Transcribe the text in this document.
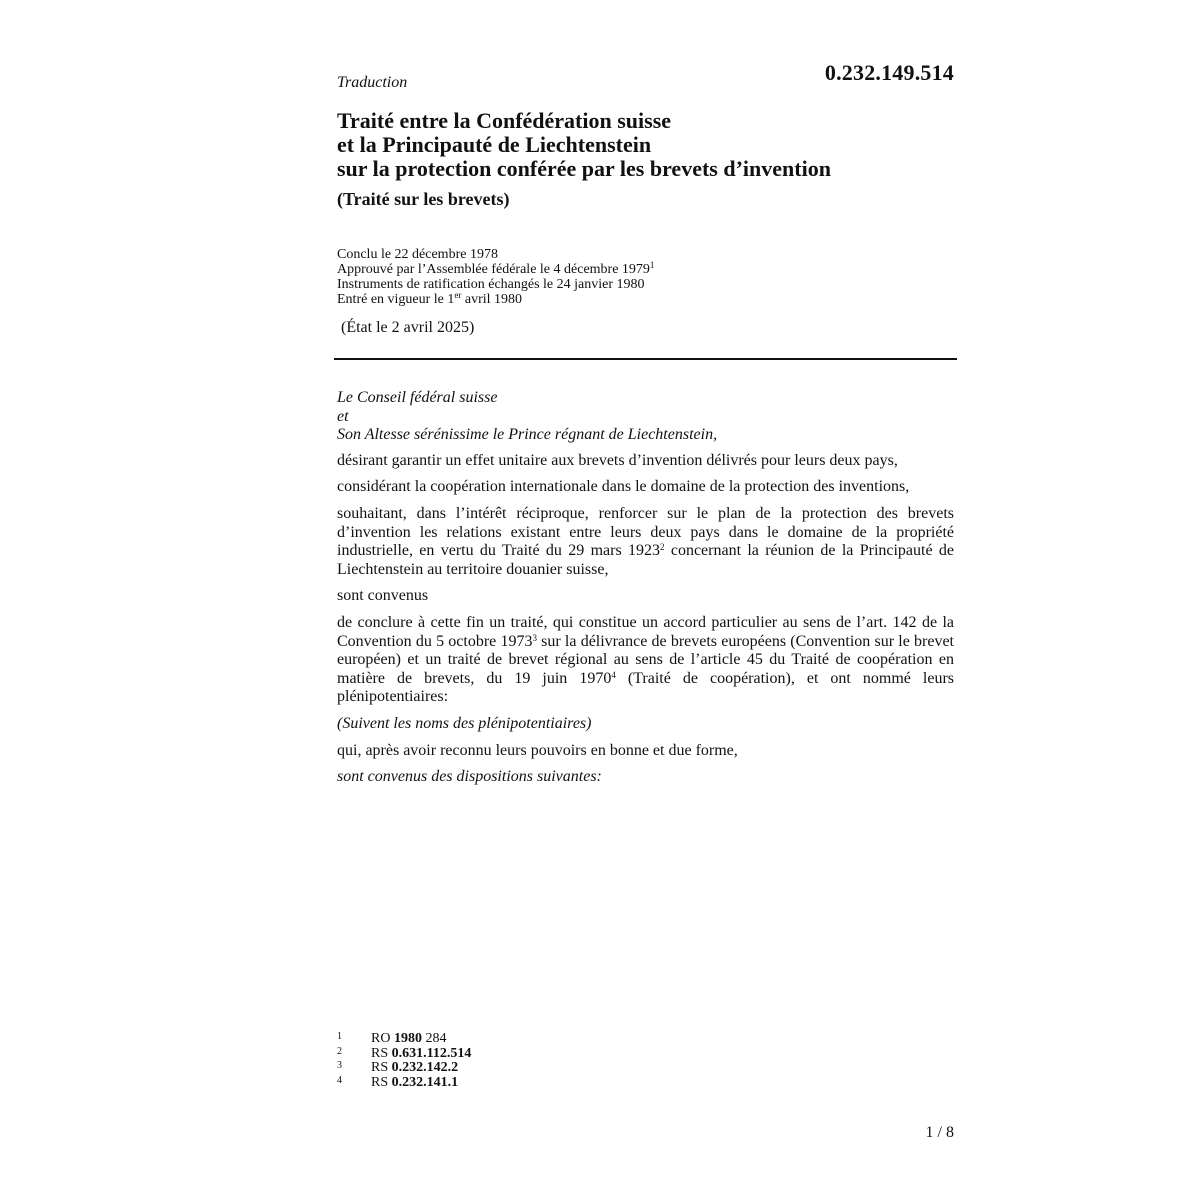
0.232.149.514
Traduction
Traité entre la Confédération suisse
et la Principauté de Liechtenstein
sur la protection conférée par les brevets d’invention
(Traité sur les brevets)
Conclu le 22 décembre 1978
Approuvé par l’Assemblée fédérale le 4 décembre 1979$^1$
Instruments de ratification échangés le 24 janvier 1980
Entré en vigueur le 1er avril 1980
(État le 2 avril 2025)

Le Conseil fédéral suisse

et

Son Altesse sérénissime le Prince régnant de Liechtenstein,

désirant garantir un effet unitaire aux brevets d’invention délivrés pour leurs deux pays,

considérant la coopération internationale dans le domaine de la protection des inventions,

souhaitant, dans l’intérêt réciproque, renforcer sur le plan de la protection des brevets d’invention les relations existant entre leurs deux pays dans le domaine de la propriété industrielle, en vertu du Traité du 29 mars 1923$^2$ concernant la réunion de la Principauté de Liechtenstein au territoire douanier suisse,

sont convenus

de conclure à cette fin un traité, qui constitue un accord particulier au sens de l’art. 142 de la Convention du 5 octobre 1973$^3$ sur la délivrance de brevets européens (Convention sur le brevet européen) et un traité de brevet régional au sens de l’article 45 du Traité de coopération en matière de brevets, du 19 juin 1970$^4$ (Traité de coopération), et ont nommé leurs plénipotentiaires:

(Suivent les noms des plénipotentiaires)

qui, après avoir reconnu leurs pouvoirs en bonne et due forme,

sont convenus des dispositions suivantes:

1	RO 1980 284
2	RS 0.631.112.514
3	RS 0.232.142.2
4	RS 0.232.141.1
1 / 8
